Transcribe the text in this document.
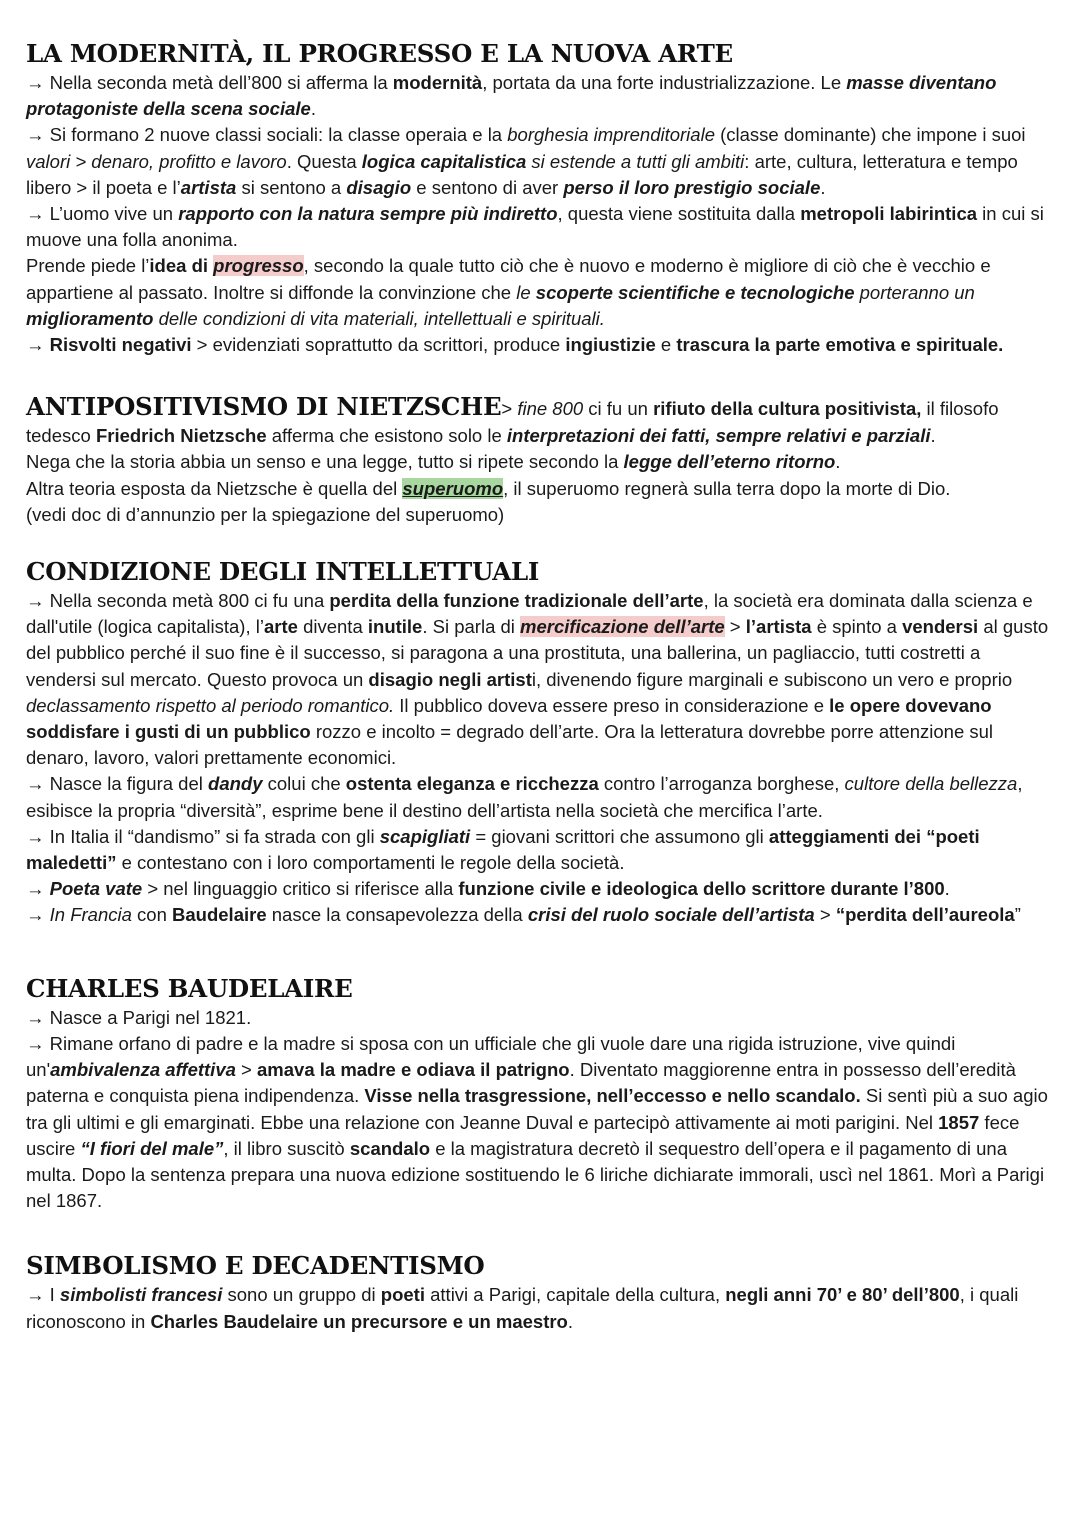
LA MODERNITÀ, IL PROGRESSO E LA NUOVA ARTE

→ Nella seconda metà dell’800 si afferma la modernità, portata da una forte industrializzazione. Le masse diventano protagoniste della scena sociale.
→ Si formano 2 nuove classi sociali: la classe operaia e la borghesia imprenditoriale (classe dominante) che impone i suoi valori > denaro, profitto e lavoro. Questa logica capitalistica si estende a tutti gli ambiti: arte, cultura, letteratura e tempo libero > il poeta e l’artista si sentono a disagio e sentono di aver perso il loro prestigio sociale.
→ L’uomo vive un rapporto con la natura sempre più indiretto, questa viene sostituita dalla metropoli labirintica in cui si muove una folla anonima.
Prende piede l’idea di progresso, secondo la quale tutto ciò che è nuovo e moderno è migliore di ciò che è vecchio e appartiene al passato. Inoltre si diffonde la convinzione che le scoperte scientifiche e tecnologiche porteranno un miglioramento delle condizioni di vita materiali, intellettuali e spirituali.
→ Risvolti negativi > evidenziati soprattutto da scrittori, produce ingiustizie e trascura la parte emotiva e spirituale.

ANTIPOSITIVISMO DI NIETZSCHE> fine 800 ci fu un rifiuto della cultura positivista, il filosofo tedesco Friedrich Nietzsche afferma che esistono solo le interpretazioni dei fatti, sempre relativi e parziali.
Nega che la storia abbia un senso e una legge, tutto si ripete secondo la legge dell’eterno ritorno.
Altra teoria esposta da Nietzsche è quella del superuomo, il superuomo regnerà sulla terra dopo la morte di Dio.
(vedi doc di d’annunzio per la spiegazione del superuomo)

CONDIZIONE DEGLI INTELLETTUALI

→ Nella seconda metà 800 ci fu una perdita della funzione tradizionale dell’arte, la società era dominata dalla scienza e dall'utile (logica capitalista), l’arte diventa inutile. Si parla di mercificazione dell’arte > l’artista è spinto a vendersi al gusto del pubblico perché il suo fine è il successo, si paragona a una prostituta, una ballerina, un pagliaccio, tutti costretti a vendersi sul mercato. Questo provoca un disagio negli artisti, divenendo figure marginali e subiscono un vero e proprio declassamento rispetto al periodo romantico. Il pubblico doveva essere preso in considerazione e le opere dovevano soddisfare i gusti di un pubblico rozzo e incolto = degrado dell’arte. Ora la letteratura dovrebbe porre attenzione sul denaro, lavoro, valori prettamente economici.
→ Nasce la figura del dandy colui che ostenta eleganza e ricchezza contro l’arroganza borghese, cultore della bellezza, esibisce la propria “diversità”, esprime bene il destino dell’artista nella società che mercifica l’arte.
→ In Italia il “dandismo” si fa strada con gli scapigliati = giovani scrittori che assumono gli atteggiamenti dei “poeti maledetti” e contestano con i loro comportamenti le regole della società.
→ Poeta vate > nel linguaggio critico si riferisce alla funzione civile e ideologica dello scrittore durante l’800.
→ In Francia con Baudelaire nasce la consapevolezza della crisi del ruolo sociale dell’artista > “perdita dell’aureola”

CHARLES BAUDELAIRE

→ Nasce a Parigi nel 1821.
→ Rimane orfano di padre e la madre si sposa con un ufficiale che gli vuole dare una rigida istruzione, vive quindi un'ambivalenza affettiva > amava la madre e odiava il patrigno. Diventato maggiorenne entra in possesso dell’eredità paterna e conquista piena indipendenza. Visse nella trasgressione, nell’eccesso e nello scandalo. Si sentì più a suo agio tra gli ultimi e gli emarginati. Ebbe una relazione con Jeanne Duval e partecipò attivamente ai moti parigini. Nel 1857 fece uscire “I fiori del male”, il libro suscitò scandalo e la magistratura decretò il sequestro dell’opera e il pagamento di una multa. Dopo la sentenza prepara una nuova edizione sostituendo le 6 liriche dichiarate immorali, uscì nel 1861. Morì a Parigi nel 1867.

SIMBOLISMO E DECADENTISMO

→ I simbolisti francesi sono un gruppo di poeti attivi a Parigi, capitale della cultura, negli anni 70’ e 80’ dell’800, i quali riconoscono in Charles Baudelaire un precursore e un maestro.
